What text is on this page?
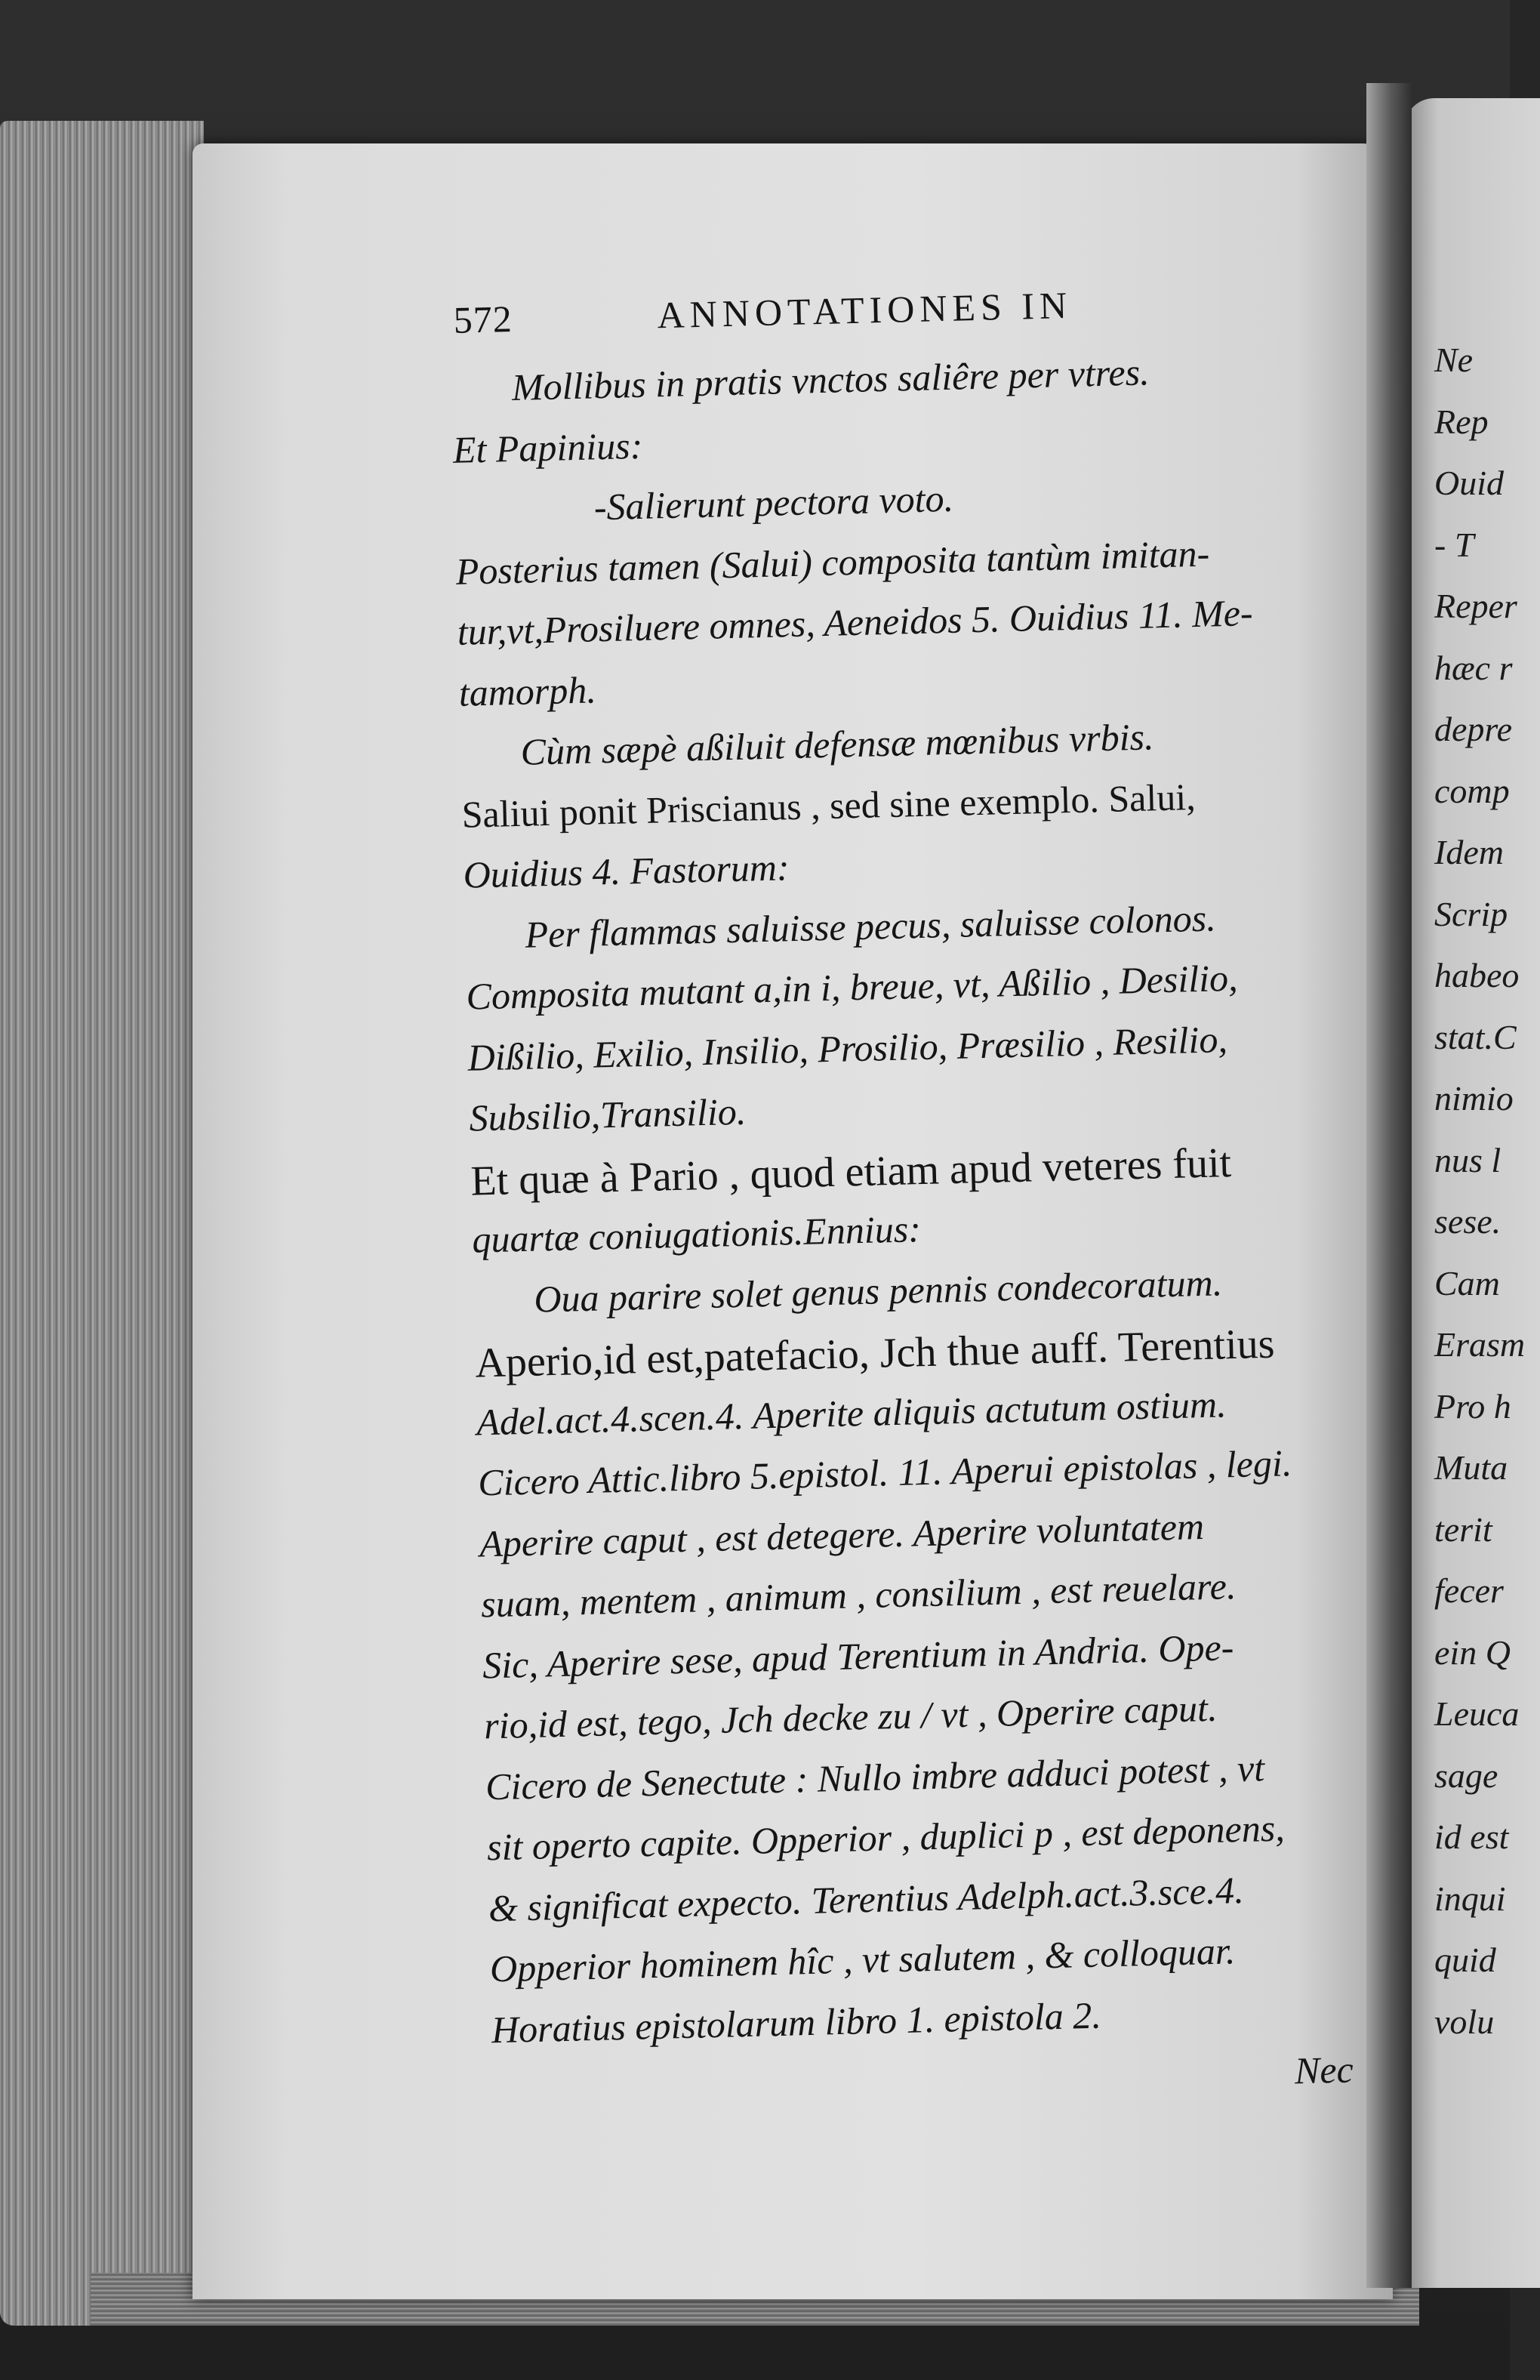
572	ANNOTATIONES IN
Mollibus in pratis vnctos saliêre per vtres.
Et Papinius:
-Salierunt pectora voto.
Posterius tamen (Salui) composita tantùm imitan-
tur,vt,Prosiluere omnes, Aeneidos 5. Ouidius 11. Me-
tamorph.
Cùm sæpè aßiluit defensæ mœnibus vrbis.
Saliui ponit Priscianus , sed sine exemplo. Salui,
Ouidius 4. Fastorum:
Per flammas saluisse pecus, saluisse colonos.
Composita mutant a,in i, breue, vt, Aßilio , Desilio,
Dißilio, Exilio, Insilio, Prosilio, Præsilio , Resilio,
Subsilio,Transilio.
Et quæ à Pario , quod etiam apud veteres fuit
quartæ coniugationis.Ennius:
Oua parire solet genus pennis condecoratum.
Aperio,id est,patefacio, Jch thue auff. Terentius
Adel.act.4.scen.4. Aperite aliquis actutum ostium.
Cicero Attic.libro 5.epistol. 11. Aperui epistolas , legi.
Aperire caput , est detegere. Aperire voluntatem
suam, mentem , animum , consilium , est reuelare.
Sic, Aperire sese, apud Terentium in Andria. Ope-
rio,id est, tego, Jch decke zu / vt , Operire caput.
Cicero de Senectute : Nullo imbre adduci potest , vt
sit operto capite. Opperior , duplici p , est deponens,
& significat expecto. Terentius Adelph.act.3.sce.4.
Opperior hominem hîc , vt salutem , & colloquar.
Horatius epistolarum libro 1. epistola 2.
Nec
Ne
Rep
Ouid
- T
Reper
hæc r
depre
comp
Idem
Scrip
habeo
stat.C
nimio
nus l
sese.
Cam
Erasm
Pro h
Muta
terit
fecer
ein Q
Leuca
sage
id est
inqui
quid
volu
